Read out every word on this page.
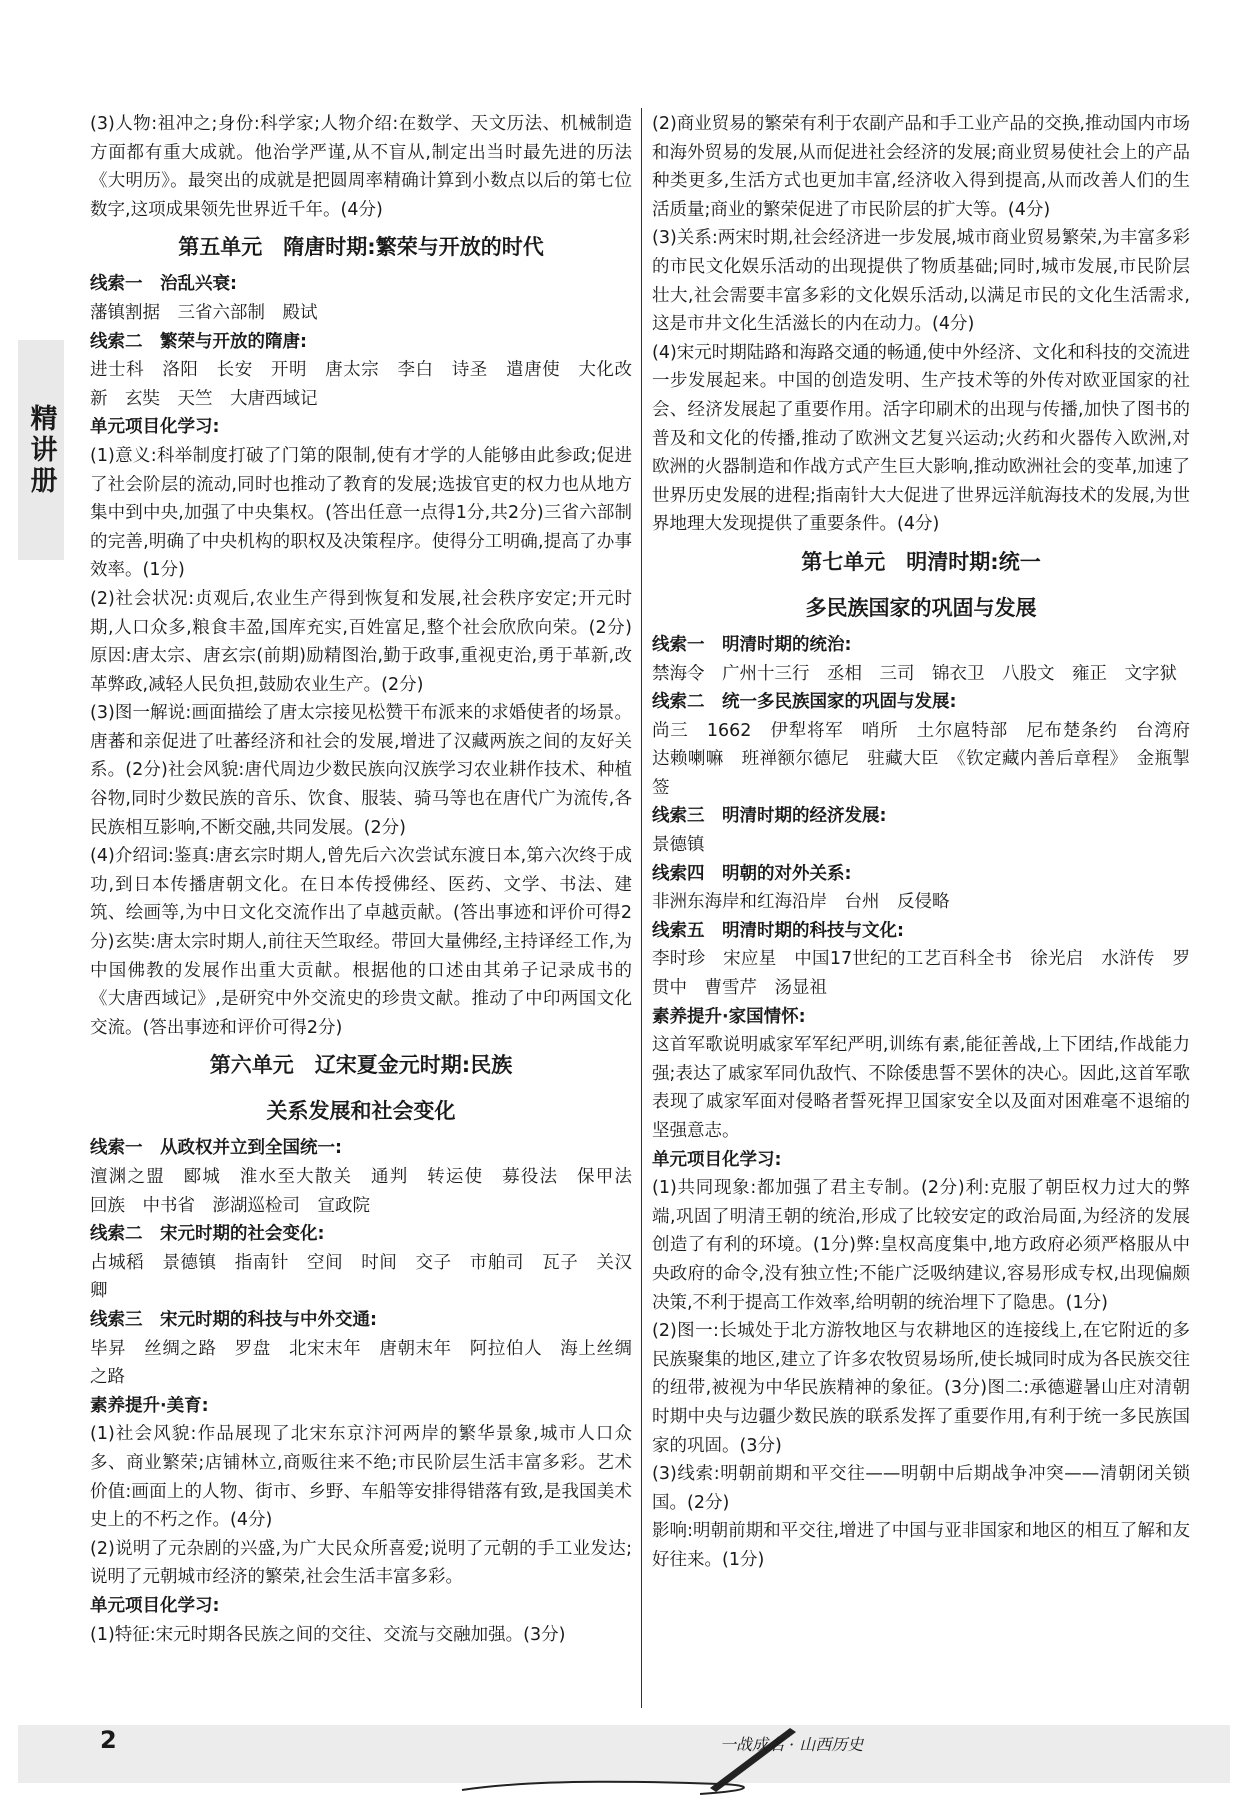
精讲册

(3)人物:祖冲之;身份:科学家;人物介绍:在数学、天文历法、机械制造方面都有重大成就。他治学严谨,从不盲从,制定出当时最先进的历法《大明历》。最突出的成就是把圆周率精确计算到小数点以后的第七位数字,这项成果领先世界近千年。(4分)

第五单元　隋唐时期:繁荣与开放的时代

线索一　治乱兴衰:

藩镇割据　三省六部制　殿试

线索二　繁荣与开放的隋唐:

进士科　洛阳　长安　开明　唐太宗　李白　诗圣　遣唐使　大化改新　玄奘　天竺　大唐西域记

单元项目化学习:

(1)意义:科举制度打破了门第的限制,使有才学的人能够由此参政;促进了社会阶层的流动,同时也推动了教育的发展;选拔官吏的权力也从地方集中到中央,加强了中央集权。(答出任意一点得1分,共2分)三省六部制的完善,明确了中央机构的职权及决策程序。使得分工明确,提高了办事效率。(1分)

(2)社会状况:贞观后,农业生产得到恢复和发展,社会秩序安定;开元时期,人口众多,粮食丰盈,国库充实,百姓富足,整个社会欣欣向荣。(2分)原因:唐太宗、唐玄宗(前期)励精图治,勤于政事,重视吏治,勇于革新,改革弊政,减轻人民负担,鼓励农业生产。(2分)

(3)图一解说:画面描绘了唐太宗接见松赞干布派来的求婚使者的场景。唐蕃和亲促进了吐蕃经济和社会的发展,增进了汉藏两族之间的友好关系。(2分)社会风貌:唐代周边少数民族向汉族学习农业耕作技术、种植谷物,同时少数民族的音乐、饮食、服装、骑马等也在唐代广为流传,各民族相互影响,不断交融,共同发展。(2分)

(4)介绍词:鉴真:唐玄宗时期人,曾先后六次尝试东渡日本,第六次终于成功,到日本传播唐朝文化。在日本传授佛经、医药、文学、书法、建筑、绘画等,为中日文化交流作出了卓越贡献。(答出事迹和评价可得2分)玄奘:唐太宗时期人,前往天竺取经。带回大量佛经,主持译经工作,为中国佛教的发展作出重大贡献。根据他的口述由其弟子记录成书的《大唐西域记》,是研究中外交流史的珍贵文献。推动了中印两国文化交流。(答出事迹和评价可得2分)

第六单元　辽宋夏金元时期:民族
关系发展和社会变化

线索一　从政权并立到全国统一:

澶渊之盟　郾城　淮水至大散关　通判　转运使　募役法　保甲法　回族　中书省　澎湖巡检司　宣政院

线索二　宋元时期的社会变化:

占城稻　景德镇　指南针　空间　时间　交子　市舶司　瓦子　关汉卿

线索三　宋元时期的科技与中外交通:

毕昇　丝绸之路　罗盘　北宋末年　唐朝末年　阿拉伯人　海上丝绸之路

素养提升·美育:

(1)社会风貌:作品展现了北宋东京汴河两岸的繁华景象,城市人口众多、商业繁荣;店铺林立,商贩往来不绝;市民阶层生活丰富多彩。艺术价值:画面上的人物、街市、乡野、车船等安排得错落有致,是我国美术史上的不朽之作。(4分)

(2)说明了元杂剧的兴盛,为广大民众所喜爱;说明了元朝的手工业发达;说明了元朝城市经济的繁荣,社会生活丰富多彩。

单元项目化学习:

(1)特征:宋元时期各民族之间的交往、交流与交融加强。(3分)

(2)商业贸易的繁荣有利于农副产品和手工业产品的交换,推动国内市场和海外贸易的发展,从而促进社会经济的发展;商业贸易使社会上的产品种类更多,生活方式也更加丰富,经济收入得到提高,从而改善人们的生活质量;商业的繁荣促进了市民阶层的扩大等。(4分)

(3)关系:两宋时期,社会经济进一步发展,城市商业贸易繁荣,为丰富多彩的市民文化娱乐活动的出现提供了物质基础;同时,城市发展,市民阶层壮大,社会需要丰富多彩的文化娱乐活动,以满足市民的文化生活需求,这是市井文化生活滋长的内在动力。(4分)

(4)宋元时期陆路和海路交通的畅通,使中外经济、文化和科技的交流进一步发展起来。中国的创造发明、生产技术等的外传对欧亚国家的社会、经济发展起了重要作用。活字印刷术的出现与传播,加快了图书的普及和文化的传播,推动了欧洲文艺复兴运动;火药和火器传入欧洲,对欧洲的火器制造和作战方式产生巨大影响,推动欧洲社会的变革,加速了世界历史发展的进程;指南针大大促进了世界远洋航海技术的发展,为世界地理大发现提供了重要条件。(4分)

第七单元　明清时期:统一
多民族国家的巩固与发展

线索一　明清时期的统治:

禁海令　广州十三行　丞相　三司　锦衣卫　八股文　雍正　文字狱

线索二　统一多民族国家的巩固与发展:

尚三　1662　伊犁将军　哨所　土尔扈特部　尼布楚条约　台湾府　达赖喇嘛　班禅额尔德尼　驻藏大臣　《钦定藏内善后章程》　金瓶掣签

线索三　明清时期的经济发展:

景德镇

线索四　明朝的对外关系:

非洲东海岸和红海沿岸　台州　反侵略

线索五　明清时期的科技与文化:

李时珍　宋应星　中国17世纪的工艺百科全书　徐光启　水浒传　罗贯中　曹雪芹　汤显祖

素养提升·家国情怀:

这首军歌说明戚家军军纪严明,训练有素,能征善战,上下团结,作战能力强;表达了戚家军同仇敌忾、不除倭患誓不罢休的决心。因此,这首军歌表现了戚家军面对侵略者誓死捍卫国家安全以及面对困难毫不退缩的坚强意志。

单元项目化学习:

(1)共同现象:都加强了君主专制。(2分)利:克服了朝臣权力过大的弊端,巩固了明清王朝的统治,形成了比较安定的政治局面,为经济的发展创造了有利的环境。(1分)弊:皇权高度集中,地方政府必须严格服从中央政府的命令,没有独立性;不能广泛吸纳建议,容易形成专权,出现偏颇决策,不利于提高工作效率,给明朝的统治埋下了隐患。(1分)

(2)图一:长城处于北方游牧地区与农耕地区的连接线上,在它附近的多民族聚集的地区,建立了许多农牧贸易场所,使长城同时成为各民族交往的纽带,被视为中华民族精神的象征。(3分)图二:承德避暑山庄对清朝时期中央与边疆少数民族的联系发挥了重要作用,有利于统一多民族国家的巩固。(3分)

(3)线索:明朝前期和平交往——明朝中后期战争冲突——清朝闭关锁国。(2分)

影响:明朝前期和平交往,增进了中国与亚非国家和地区的相互了解和友好往来。(1分)

2	一战成名 · 山西历史
